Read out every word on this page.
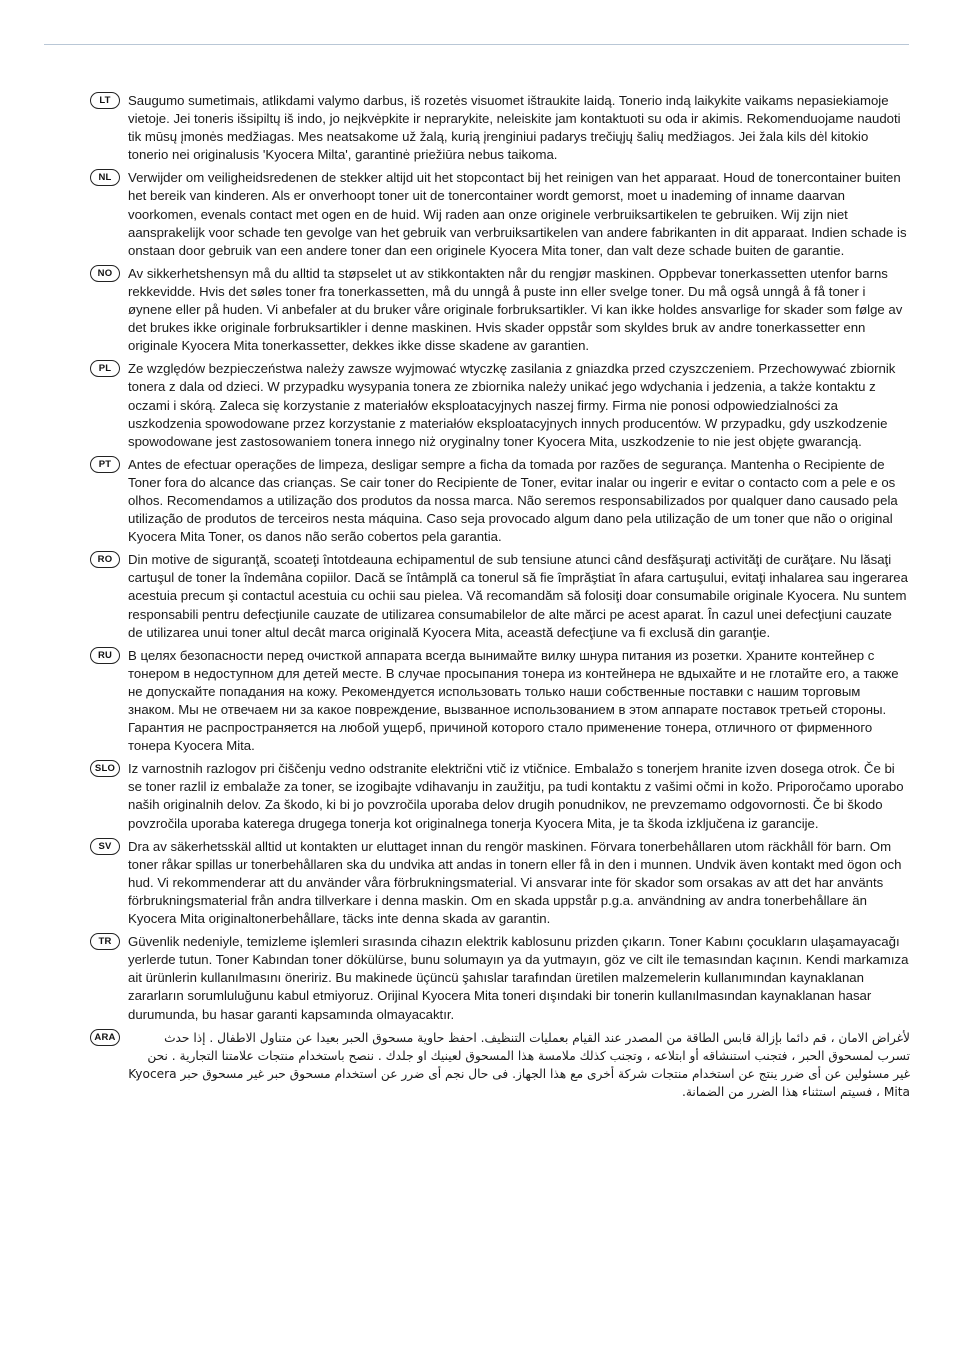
LT	Saugumo sumetimais, atlikdami valymo darbus, iš rozetės visuomet ištraukite laidą. Tonerio indą laikykite vaikams nepasiekiamoje vietoje. Jei toneris išsipiltų iš indo, jo neįkvėpkite ir neprarykite, neleiskite jam kontaktuoti su oda ir akimis. Rekomenduojame naudoti tik mūsų įmonės medžiagas. Mes neatsakome už žalą, kurią įrenginiui padarys trečiųjų šalių medžiagos. Jei žala kils dėl kitokio tonerio nei originalusis 'Kyocera Milta', garantinė priežiūra nebus taikoma.

NL	Verwijder om veiligheidsredenen de stekker altijd uit het stopcontact bij het reinigen van het apparaat. Houd de tonercontainer buiten het bereik van kinderen. Als er onverhoopt toner uit de tonercontainer wordt gemorst, moet u inademing of inname daarvan voorkomen, evenals contact met ogen en de huid. Wij raden aan onze originele verbruiksartikelen te gebruiken. Wij zijn niet aansprakelijk voor schade ten gevolge van het gebruik van verbruiksartikelen van andere fabrikanten in dit apparaat. Indien schade is onstaan door gebruik van een andere toner dan een originele Kyocera Mita toner, dan valt deze schade buiten de garantie.

NO	Av sikkerhetshensyn må du alltid ta støpselet ut av stikkontakten når du rengjør maskinen. Oppbevar tonerkassetten utenfor barns rekkevidde. Hvis det søles toner fra tonerkassetten, må du unngå å puste inn eller svelge toner. Du må også unngå å få toner i øynene eller på huden. Vi anbefaler at du bruker våre originale forbruksartikler. Vi kan ikke holdes ansvarlige for skader som følge av det brukes ikke originale forbruksartikler i denne maskinen. Hvis skader oppstår som skyldes bruk av andre tonerkassetter enn originale Kyocera Mita tonerkassetter, dekkes ikke disse skadene av garantien.

PL	Ze względów bezpieczeństwa należy zawsze wyjmować wtyczkę zasilania z gniazdka przed czyszczeniem. Przechowywać zbiornik tonera z dala od dzieci. W przypadku wysypania tonera ze zbiornika należy unikać jego wdychania i jedzenia, a także kontaktu z oczami i skórą. Zaleca się korzystanie z materiałów eksploatacyjnych naszej firmy. Firma nie ponosi odpowiedzialności za uszkodzenia spowodowane przez korzystanie z materiałów eksploatacyjnych innych producentów. W przypadku, gdy uszkodzenie spowodowane jest zastosowaniem tonera innego niż oryginalny toner Kyocera Mita, uszkodzenie to nie jest objęte gwarancją.

PT	Antes de efectuar operações de limpeza, desligar sempre a ficha da tomada por razões de segurança. Mantenha o Recipiente de Toner fora do alcance das crianças. Se cair toner do Recipiente de Toner, evitar inalar ou ingerir e evitar o contacto com a pele e os olhos. Recomendamos a utilização dos produtos da nossa marca. Não seremos responsabilizados por qualquer dano causado pela utilização de produtos de terceiros nesta máquina. Caso seja provocado algum dano pela utilização de um toner que não o original Kyocera Mita Toner, os danos não serão cobertos pela garantia.

RO	Din motive de siguranţă, scoateţi întotdeauna echipamentul de sub tensiune atunci când desfăşuraţi activităţi de curăţare. Nu lăsaţi cartuşul de toner la îndemâna copiilor. Dacă se întâmplă ca tonerul să fie împrăştiat în afara cartuşului, evitaţi inhalarea sau ingerarea acestuia precum şi contactul acestuia cu ochii sau pielea. Vă recomandăm să folosiţi doar consumabile originale Kyocera. Nu suntem responsabili pentru defecţiunile cauzate de utilizarea consumabilelor de alte mărci pe acest aparat. În cazul unei defecţiuni cauzate de utilizarea unui toner altul decât marca originală Kyocera Mita, această defecţiune va fi exclusă din garanţie.

RU	В целях безопасности перед очисткой аппарата всегда вынимайте вилку шнура питания из розетки. Храните контейнер с тонером в недоступном для детей месте. В случае просыпания тонера из контейнера не вдыхайте и не глотайте его, а также не допускайте попадания на кожу. Рекомендуется использовать только наши собственные поставки с нашим торговым знаком. Мы не отвечаем ни за какое повреждение, вызванное использованием в этом аппарате поставок третьей стороны. Гарантия не распространяется на любой ущерб, причиной которого стало применение тонера, отличного от фирменного тонера Kyocera Mita.

SLO Iz varnostnih razlogov pri čiščenju vedno odstranite električni vtič iz vtičnice. Embalažo s tonerjem hranite izven dosega otrok. Če bi se toner razlil iz embalaže za toner, se izogibajte vdihavanju in zaužitju, pa tudi kontaktu z vašimi očmi in kožo. Priporočamo uporabo naših originalnih delov. Za škodo, ki bi jo povzročila uporaba delov drugih ponudnikov, ne prevzemamo odgovornosti. Če bi škodo povzročila uporaba katerega drugega tonerja kot originalnega tonerja Kyocera Mita, je ta škoda izključena iz garancije.

SV	Dra av säkerhetsskäl alltid ut kontakten ur eluttaget innan du rengör maskinen. Förvara tonerbehållaren utom räckhåll för barn. Om toner råkar spillas ur tonerbehållaren ska du undvika att andas in tonern eller få in den i munnen. Undvik även kontakt med ögon och hud. Vi rekommenderar att du använder våra förbrukningsmaterial. Vi ansvarar inte för skador som orsakas av att det har använts förbrukningsmaterial från andra tillverkare i denna maskin. Om en skada uppstår p.g.a. användning av andra tonerbehållare än Kyocera Mita originaltonerbehållare, täcks inte denna skada av garantin.

TR	Güvenlik nedeniyle, temizleme işlemleri sırasında cihazın elektrik kablosunu prizden çıkarın. Toner Kabını çocukların ulaşamayacağı yerlerde tutun. Toner Kabından toner dökülürse, bunu solumayın ya da yutmayın, göz ve cilt ile temasından kaçının. Kendi markamıza ait ürünlerin kullanılmasını öneririz. Bu makinede üçüncü şahıslar tarafından üretilen malzemelerin kullanımından kaynaklanan zararların sorumluluğunu kabul etmiyoruz. Orijinal Kyocera Mita toneri dışındaki bir tonerin kullanılmasından kaynaklanan hasar durumunda, bu hasar garanti kapsamında olmayacaktır.

ARA	لأغراض الامان ، قم دائما بإزالة قابس الطاقة من المصدر عند القيام بعمليات التنظيف. احفظ حاوية مسحوق الحبر بعيدا عن متناول الاطفال . إذا حدث تسرب لمسحوق الحبر ، فتجنب استنشاقه أو ابتلاعه ، وتجنب كذلك ملامسة هذا المسحوق لعينيك او جلدك . ننصح باستخدام منتجات علامتنا التجارية . نحن غير مسئولين عن أى ضرر ينتج عن استخدام منتجات شركة أخرى مع هذا الجهاز. فى حال نجم أى ضرر عن استخدام مسحوق حبر غير مسحوق حبر Kyocera Mita ، فسيتم استثناء هذا الضرر من الضمانة.
